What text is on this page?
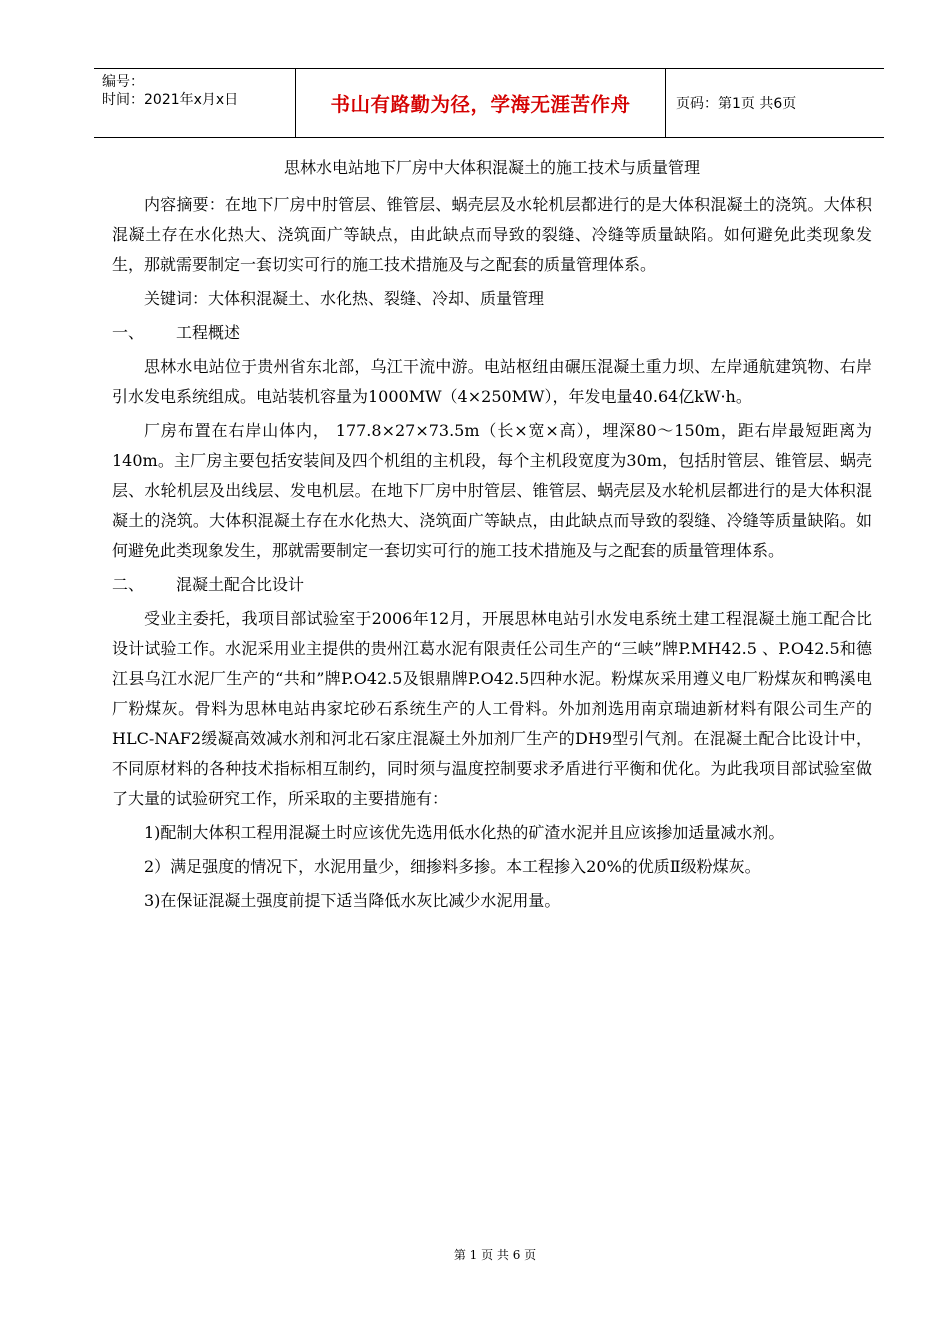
编号：
时间：2021年x月x日	书山有路勤为径，学海无涯苦作舟	页码：第1页 共6页
思林水电站地下厂房中大体积混凝土的施工技术与质量管理

内容摘要：在地下厂房中肘管层、锥管层、蜗壳层及水轮机层都进行的是大体积混凝土的浇筑。大体积混凝土存在水化热大、浇筑面广等缺点，由此缺点而导致的裂缝、冷缝等质量缺陷。如何避免此类现象发生，那就需要制定一套切实可行的施工技术措施及与之配套的质量管理体系。

关键词：大体积混凝土、水化热、裂缝、冷却、质量管理

一、 工程概述

思林水电站位于贵州省东北部，乌江干流中游。电站枢纽由碾压混凝土重力坝、左岸通航建筑物、右岸引水发电系统组成。电站装机容量为1000MW（4×250MW），年发电量40.64亿kW·h。

厂房布置在右岸山体内， 177.8×27×73.5m（长×宽×高），埋深80～150m，距右岸最短距离为140m。主厂房主要包括安装间及四个机组的主机段，每个主机段宽度为30m，包括肘管层、锥管层、蜗壳层、水轮机层及出线层、发电机层。在地下厂房中肘管层、锥管层、蜗壳层及水轮机层都进行的是大体积混凝土的浇筑。大体积混凝土存在水化热大、浇筑面广等缺点，由此缺点而导致的裂缝、冷缝等质量缺陷。如何避免此类现象发生，那就需要制定一套切实可行的施工技术措施及与之配套的质量管理体系。

二、 混凝土配合比设计

受业主委托，我项目部试验室于2006年12月，开展思林电站引水发电系统土建工程混凝土施工配合比设计试验工作。水泥采用业主提供的贵州江葛水泥有限责任公司生产的“三峡”牌P.MH42.5 、P.O42.5和德江县乌江水泥厂生产的“共和”牌P.O42.5及银鼎牌P.O42.5四种水泥。粉煤灰采用遵义电厂粉煤灰和鸭溪电厂粉煤灰。骨料为思林电站冉家坨砂石系统生产的人工骨料。外加剂选用南京瑞迪新材料有限公司生产的HLC-NAF2缓凝高效减水剂和河北石家庄混凝土外加剂厂生产的DH9型引气剂。在混凝土配合比设计中，不同原材料的各种技术指标相互制约，同时须与温度控制要求矛盾进行平衡和优化。为此我项目部试验室做了大量的试验研究工作，所采取的主要措施有：

1)配制大体积工程用混凝土时应该优先选用低水化热的矿渣水泥并且应该掺加适量减水剂。

2）满足强度的情况下，水泥用量少，细掺料多掺。本工程掺入20%的优质Ⅱ级粉煤灰。

3)在保证混凝土强度前提下适当降低水灰比减少水泥用量。

第 1 页 共 6 页
